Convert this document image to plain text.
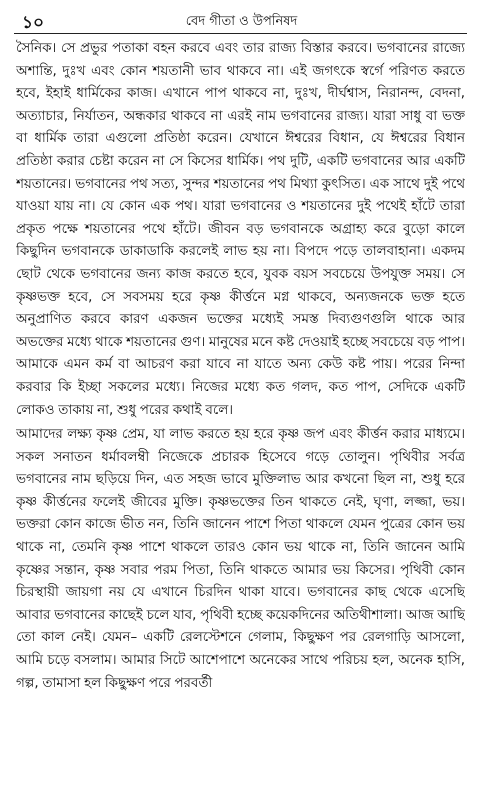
১০	বেদ গীতা ও উপনিষদ

সৈনিক। সে প্রভুর পতাকা বহন করবে এবং তার রাজ্য বিস্তার করবে। ভগবানের রাজ্যে অশান্তি, দুঃখ এবং কোন শয়তানী ভাব থাকবে না। এই জগৎকে স্বর্গে পরিণত করতে হবে, ইহাই ধার্মিকের কাজ। এখানে পাপ থাকবে না, দুঃখ, দীর্ঘশ্বাস, নিরানন্দ, বেদনা, অত্যাচার, নির্যাতন, অন্ধকার থাকবে না এরই নাম ভগবানের রাজ্য। যারা সাধু বা ভক্ত বা ধার্মিক তারা এগুলো প্রতিষ্ঠা করেন। যেখানে ঈশ্বরের বিধান, যে ঈশ্বরের বিধান প্রতিষ্ঠা করার চেষ্টা করেন না সে কিসের ধার্মিক। পথ দুটি, একটি ভগবানের আর একটি শয়তানের। ভগবানের পথ সত্য, সুন্দর শয়তানের পথ মিথ্যা কুৎসিত। এক সাথে দুই পথে যাওয়া যায় না। যে কোন এক পথ। যারা ভগবানের ও শয়তানের দুই পথেই হাঁটে তারা প্রকৃত পক্ষে শয়তানের পথে হাঁটে। জীবন বড় ভগবানকে অগ্রাহ্য করে বুড়ো কালে কিছুদিন ভগবানকে ডাকাডাকি করলেই লাভ হয় না। বিপদে পড়ে তালবাহানা। একদম ছোট থেকে ভগবানের জন্য কাজ করতে হবে, যুবক বয়স সবচেয়ে উপযুক্ত সময়। সে কৃষ্ণভক্ত হবে, সে সবসময় হরে কৃষ্ণ কীর্ত্তনে মগ্ন থাকবে, অন্যজনকে ভক্ত হতে অনুপ্রাণিত করবে কারণ একজন ভক্তের মধ্যেই সমস্ত দিব্যগুণগুলি থাকে আর অভক্তের মধ্যে থাকে শয়তানের গুণ। মানুষের মনে কষ্ট দেওয়াই হচ্ছে সবচেয়ে বড় পাপ। আমাকে এমন কর্ম বা আচরণ করা যাবে না যাতে অন্য কেউ কষ্ট পায়। পরের নিন্দা করবার কি ইচ্ছা সকলের মধ্যে। নিজের মধ্যে কত গলদ, কত পাপ, সেদিকে একটি লোকও তাকায় না, শুধু পরের কথাই বলে।

আমাদের লক্ষ্য কৃষ্ণ প্রেম, যা লাভ করতে হয় হরে কৃষ্ণ জপ এবং কীর্ত্তন করার মাধ্যমে। সকল সনাতন ধর্মাবলম্বী নিজেকে প্রচারক হিসেবে গড়ে তোলুন। পৃথিবীর সর্বত্র ভগবানের নাম ছড়িয়ে দিন, এত সহজ ভাবে মুক্তিলাভ আর কখনো ছিল না, শুধু হরে কৃষ্ণ কীর্ত্তনের ফলেই জীবের মুক্তি। কৃষ্ণভক্তের তিন থাকতে নেই, ঘৃণা, লজ্জা, ভয়। ভক্তরা কোন কাজে ভীত নন, তিনি জানেন পাশে পিতা থাকলে যেমন পুত্রের কোন ভয় থাকে না, তেমনি কৃষ্ণ পাশে থাকলে তারও কোন ভয় থাকে না, তিনি জানেন আমি কৃষ্ণের সন্তান, কৃষ্ণ সবার পরম পিতা, তিনি থাকতে আমার ভয় কিসের। পৃথিবী কোন চিরস্থায়ী জায়গা নয় যে এখানে চিরদিন থাকা যাবে। ভগবানের কাছ থেকে এসেছি আবার ভগবানের কাছেই চলে যাব, পৃথিবী হচ্ছে কয়েকদিনের অতিথীশালা। আজ আছি তো কাল নেই। যেমন– একটি রেলস্টেশনে গেলাম, কিছুক্ষণ পর রেলগাড়ি আসলো, আমি চড়ে বসলাম। আমার সিটে আশেপাশে অনেকের সাথে পরিচয় হল, অনেক হাসি, গল্প, তামাসা হল কিছুক্ষণ পরে পরবর্তী
